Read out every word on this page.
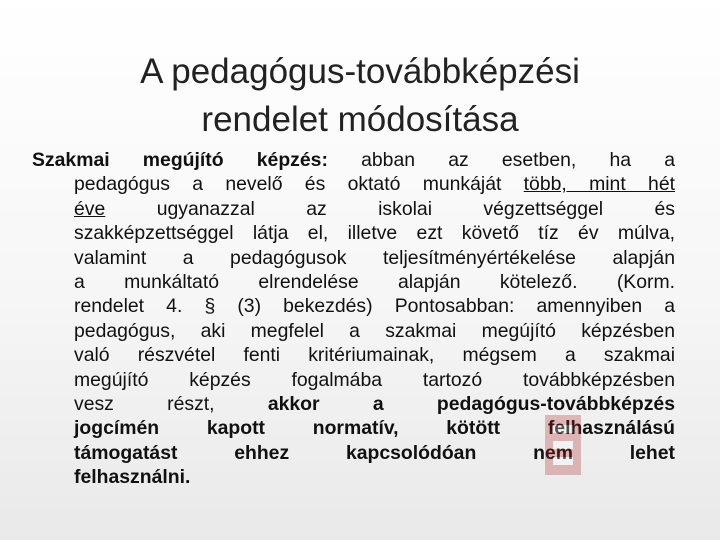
A pedagógus-továbbképzési
rendelet módosítása
Szakmai megújító képzés: abban az esetben, ha a
pedagógus a nevelő és oktató munkáját több, mint hét
éve ugyanazzal az iskolai végzettséggel és
szakképzettséggel látja el, illetve ezt követő tíz év múlva,
valamint a pedagógusok teljesítményértékelése alapján
a munkáltató elrendelése alapján kötelező. (Korm.
rendelet 4. § (3) bekezdés) Pontosabban: amennyiben a
pedagógus, aki megfelel a szakmai megújító képzésben
való részvétel fenti kritériumainak, mégsem a szakmai
megújító képzés fogalmába tartozó továbbképzésben
vesz részt, akkor a pedagógus-továbbképzés
jogcímén kapott normatív, kötött felhasználású
támogatást ehhez kapcsolódóan nem lehet
felhasználni.
